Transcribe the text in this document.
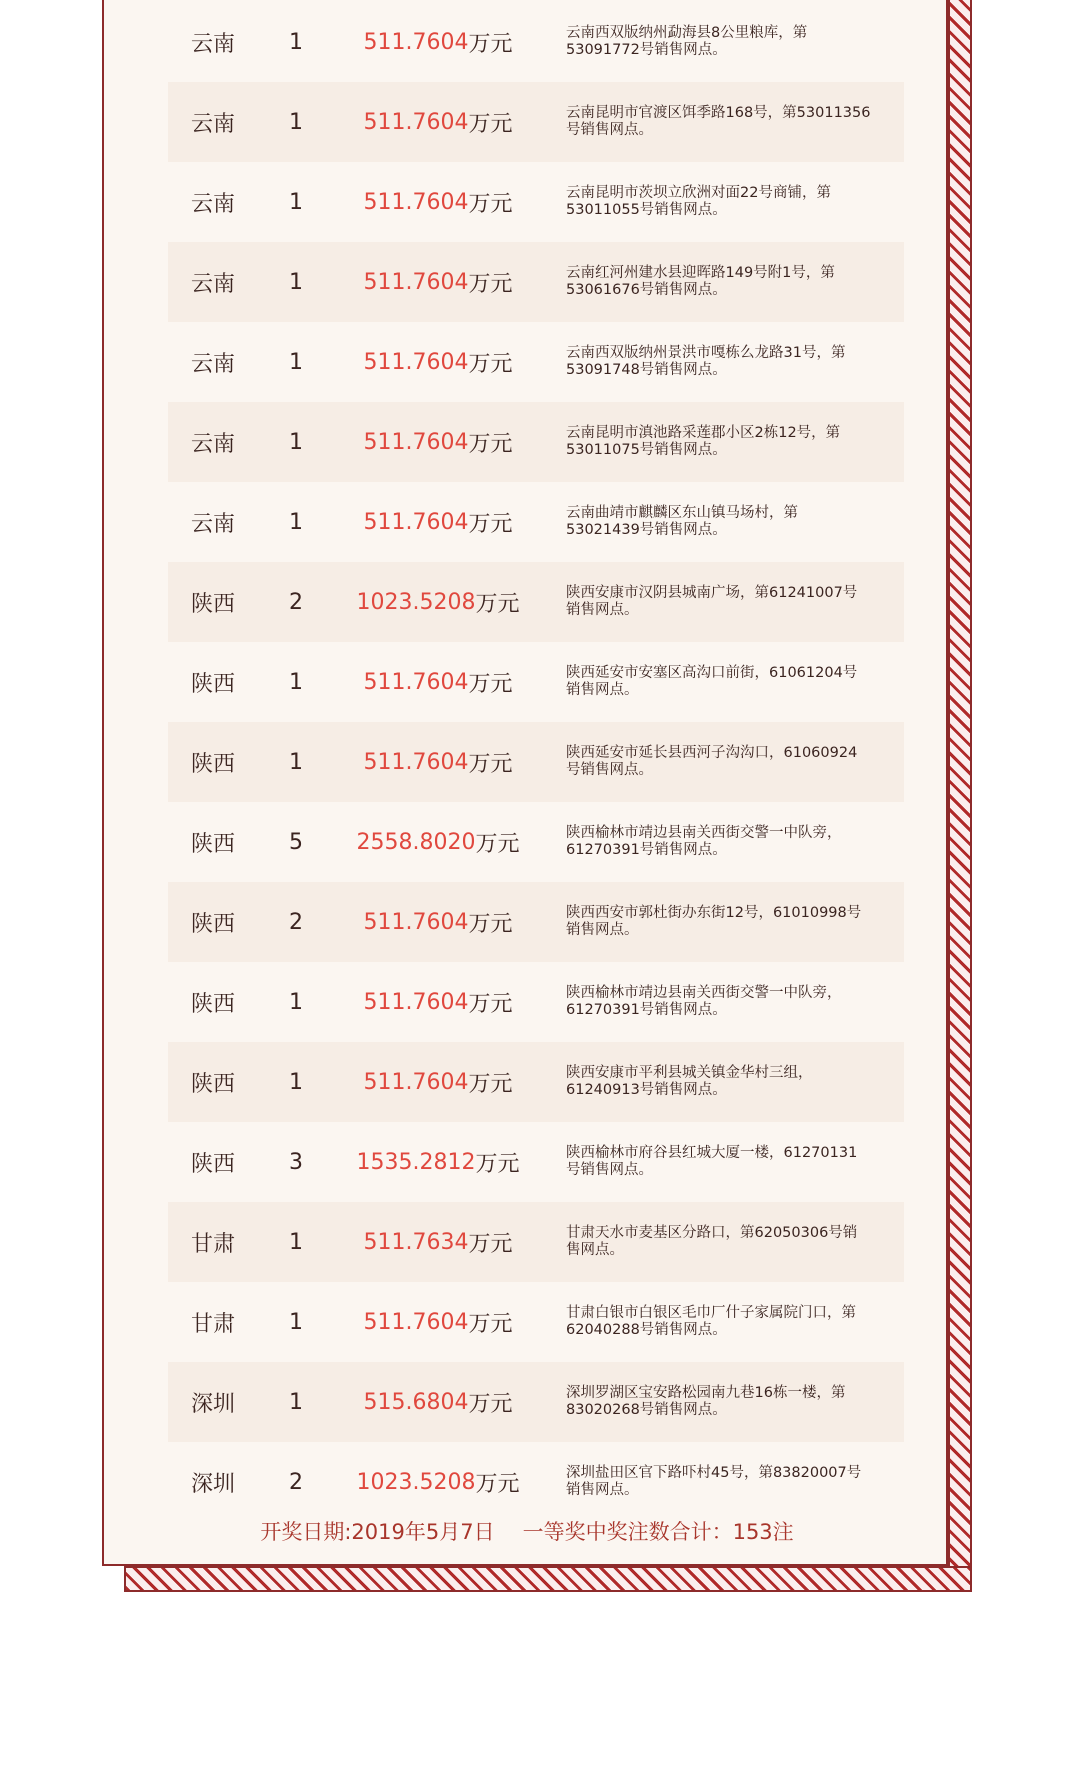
云南	1	511.7604 万元	云南西双版纳州勐海县8公里粮库，第
53091772号销售网点。
云南	1	511.7604 万元	云南昆明市官渡区饵季路168号，第53011356
号销售网点。
云南	1	511.7604 万元	云南昆明市茨坝立欣洲对面22号商铺，第
53011055号销售网点。
云南	1	511.7604 万元	云南红河州建水县迎晖路149号附1号，第
53061676号销售网点。
云南	1	511.7604 万元	云南西双版纳州景洪市嘎栋么龙路31号，第
53091748号销售网点。
云南	1	511.7604 万元	云南昆明市滇池路采莲郡小区2栋12号，第
53011075号销售网点。
云南	1	511.7604 万元	云南曲靖市麒麟区东山镇马场村，第
53021439号销售网点。
陕西	2	1023.5208 万元	陕西安康市汉阴县城南广场，第61241007号
销售网点。
陕西	1	511.7604 万元	陕西延安市安塞区高沟口前街，61061204号
销售网点。
陕西	1	511.7604 万元	陕西延安市延长县西河子沟沟口，61060924
号销售网点。
陕西	5	2558.8020 万元	陕西榆林市靖边县南关西街交警一中队旁，
61270391号销售网点。
陕西	2	511.7604 万元	陕西西安市郭杜街办东街12号，61010998号
销售网点。
陕西	1	511.7604 万元	陕西榆林市靖边县南关西街交警一中队旁，
61270391号销售网点。
陕西	1	511.7604 万元	陕西安康市平利县城关镇金华村三组，
61240913号销售网点。
陕西	3	1535.2812 万元	陕西榆林市府谷县红城大厦一楼，61270131
号销售网点。
甘肃	1	511.7634 万元	甘肃天水市麦基区分路口，第62050306号销
售网点。
甘肃	1	511.7604 万元	甘肃白银市白银区毛巾厂什子家属院门口，第
62040288号销售网点。
深圳	1	515.6804 万元	深圳罗湖区宝安路松园南九巷16栋一楼，第
83020268号销售网点。
深圳	2	1023.5208 万元	深圳盐田区官下路吓村45号，第83820007号
销售网点。
开奖日期:2019年5月7日 一等奖中奖注数合计：153注
